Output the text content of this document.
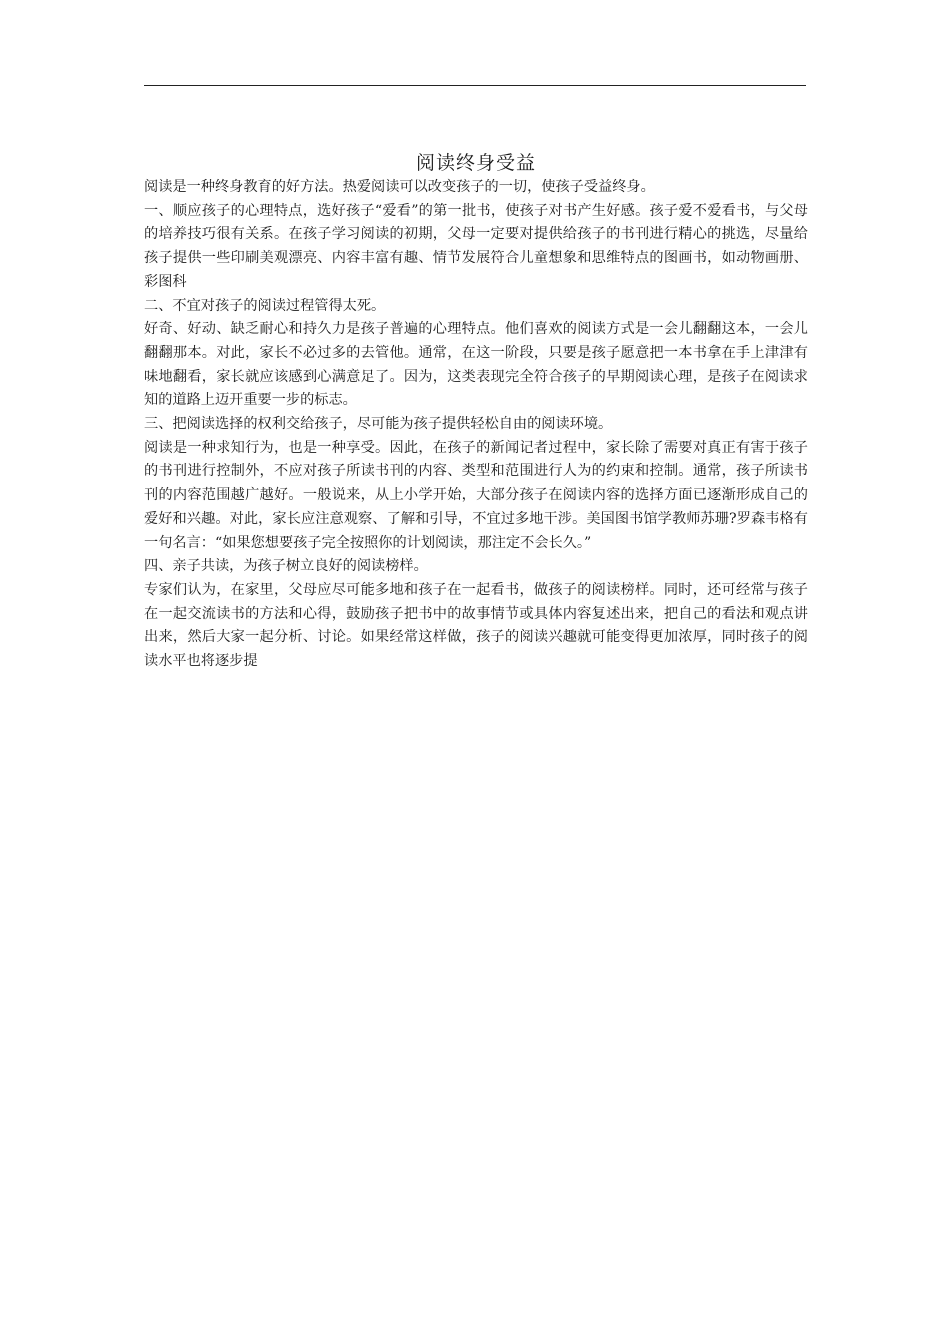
阅读终身受益

阅读是一种终身教育的好方法。热爱阅读可以改变孩子的一切，使孩子受益终身。

一、顺应孩子的心理特点，选好孩子“爱看”的第一批书，使孩子对书产生好感。孩子爱不爱看书，与父母的培养技巧很有关系。在孩子学习阅读的初期，父母一定要对提供给孩子的书刊进行精心的挑选，尽量给孩子提供一些印刷美观漂亮、内容丰富有趣、情节发展符合儿童想象和思维特点的图画书，如动物画册、彩图科

二、不宜对孩子的阅读过程管得太死。

好奇、好动、缺乏耐心和持久力是孩子普遍的心理特点。他们喜欢的阅读方式是一会儿翻翻这本，一会儿翻翻那本。对此，家长不必过多的去管他。通常，在这一阶段，只要是孩子愿意把一本书拿在手上津津有味地翻看，家长就应该感到心满意足了。因为，这类表现完全符合孩子的早期阅读心理，是孩子在阅读求知的道路上迈开重要一步的标志。

三、把阅读选择的权利交给孩子，尽可能为孩子提供轻松自由的阅读环境。

阅读是一种求知行为，也是一种享受。因此，在孩子的新闻记者过程中，家长除了需要对真正有害于孩子的书刊进行控制外，不应对孩子所读书刊的内容、类型和范围进行人为的约束和控制。通常，孩子所读书刊的内容范围越广越好。一般说来，从上小学开始，大部分孩子在阅读内容的选择方面已逐渐形成自己的爱好和兴趣。对此，家长应注意观察、了解和引导，不宜过多地干涉。美国图书馆学教师苏珊?罗森韦格有一句名言：“如果您想要孩子完全按照你的计划阅读，那注定不会长久。”

四、亲子共读，为孩子树立良好的阅读榜样。

专家们认为，在家里，父母应尽可能多地和孩子在一起看书，做孩子的阅读榜样。同时，还可经常与孩子在一起交流读书的方法和心得，鼓励孩子把书中的故事情节或具体内容复述出来，把自己的看法和观点讲出来，然后大家一起分析、讨论。如果经常这样做，孩子的阅读兴趣就可能变得更加浓厚，同时孩子的阅读水平也将逐步提
